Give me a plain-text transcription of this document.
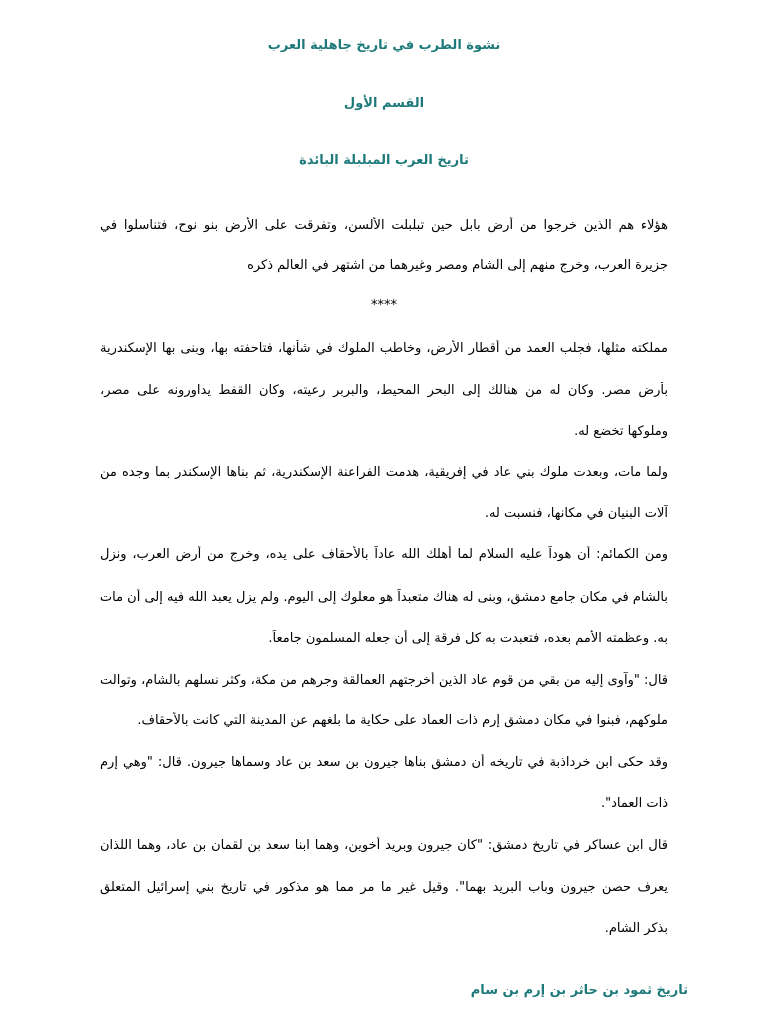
نشوة الطرب في تاريخ جاهلية العرب
القسم الأول
تاريخ العرب المبلبلة البائدة

هؤلاء هم الذين خرجوا من أرض بابل حين تبلبلت الألسن، وتفرقت على الأرض بنو نوح، فتناسلوا في

جزيرة العرب، وخرج منهم إلى الشام ومصر وغيرهما من اشتهر في العالم ذكره

****

مملكته مثلها، فجلب العمد من أقطار الأرض، وخاطب الملوك في شأنها، فتاحفته بها، وبنى بها الإسكندرية

بأرض مصر. وكان له من هنالك إلى البحر المحيط، والبربر رعيته، وكان القفط يداورونه على مصر،

وملوكها تخضع له.

ولما مات، وبعدت ملوك بني عاد في إفريقية، هدمت الفراعنة الإسكندرية، ثم بناها الإسكندر بما وجده من

آلات البنيان في مكانها، فنسبت له.

ومن الكمائم: أن هوداً عليه السلام لما أهلك الله عاداً بالأحقاف على يده، وخرج من أرض العرب، ونزل

بالشام في مكان جامع دمشق، وبنى له هناك متعبداً هو معلوك إلى اليوم. ولم يزل يعبد الله فيه إلى أن مات

به. وعظمته الأمم بعده، فتعبدت به كل فرقة إلى أن جعله المسلمون جامعاً.

قال: "وآوى إليه من بقي من قوم عاد الذين أخرجتهم العمالقة وجرهم من مكة، وكثر نسلهم بالشام، وتوالت

ملوكهم، فبنوا في مكان دمشق إرم ذات العماد على حكاية ما بلغهم عن المدينة التي كانت بالأحقاف.

وقد حكى ابن خرداذبة في تاريخه أن دمشق بناها جيرون بن سعد بن عاد وسماها جيرون. قال: "وهي إرم

ذات العماد".

قال ابن عساكر في تاريخ دمشق: "كان جيرون وبريد أخوين، وهما ابنا سعد بن لقمان بن عاد، وهما اللذان

يعرف حصن جيرون وباب البريد بهما". وقيل غير ما مر مما هو مذكور في تاريخ بني إسرائيل المتعلق

بذكر الشام.

تاريخ ثمود بن حاثر بن إرم بن سام
